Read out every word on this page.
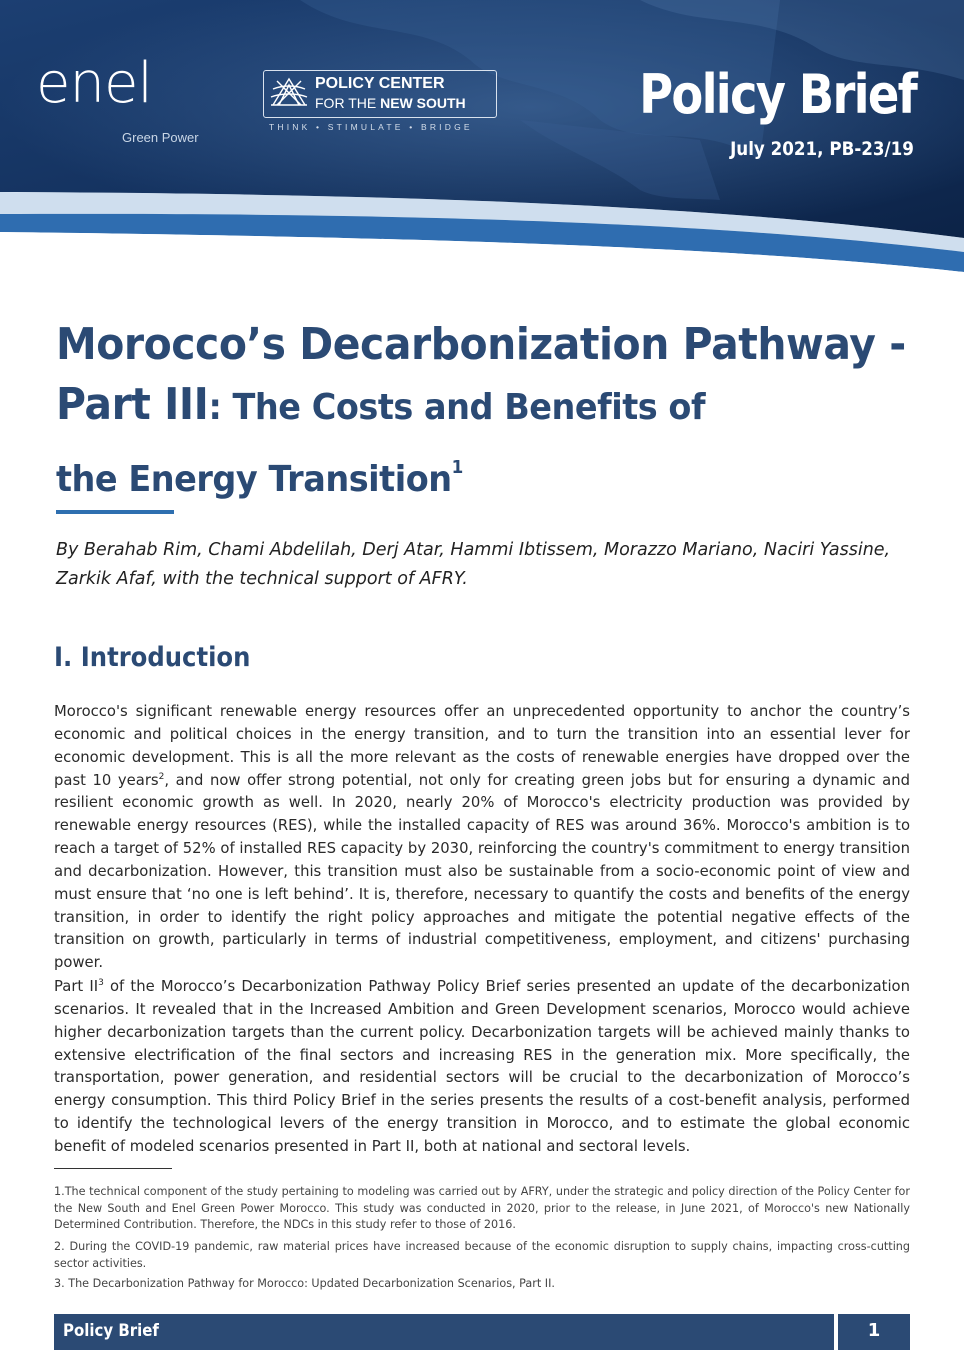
enel
Green Power
POLICY CENTER
FOR THE NEW SOUTH
THINK • STIMULATE • BRIDGE
Policy Brief
July 2021, PB-23/19
Morocco’s Decarbonization Pathway -
Part III: The Costs and Benefits of
the Energy Transition$^1$
By Berahab Rim, Chami Abdelilah, Derj Atar, Hammi Ibtissem, Morazzo Mariano, Naciri Yassine, Zarkik Afaf, with the technical support of AFRY.
I. Introduction
Morocco's significant renewable energy resources offer an unprecedented opportunity to anchor the country’s economic and political choices in the energy transition, and to turn the transition into an essential lever for economic development. This is all the more relevant as the costs of renewable energies have dropped over the past 10 years$^2$, and now offer strong potential, not only for creating green jobs but for ensuring a dynamic and resilient economic growth as well. In 2020, nearly 20% of Morocco's electricity production was provided by renewable energy resources (RES), while the installed capacity of RES was around 36%. Morocco's ambition is to reach a target of 52% of installed RES capacity by 2030, reinforcing the country's commitment to energy transition and decarbonization. However, this transition must also be sustainable from a socio-economic point of view and must ensure that ‘no one is left behind’. It is, therefore, necessary to quantify the costs and benefits of the energy transition, in order to identify the right policy approaches and mitigate the potential negative effects of the transition on growth, particularly in terms of industrial competitiveness, employment, and citizens' purchasing power.
Part $II^3$ of the Morocco’s Decarbonization Pathway Policy Brief series presented an update of the decarbonization scenarios. It revealed that in the Increased Ambition and Green Development scenarios, Morocco would achieve higher decarbonization targets than the current policy. Decarbonization targets will be achieved mainly thanks to extensive electrification of the final sectors and increasing RES in the generation mix. More specifically, the transportation, power generation, and residential sectors will be crucial to the decarbonization of Morocco’s energy consumption. This third Policy Brief in the series presents the results of a cost-benefit analysis, performed to identify the technological levers of the energy transition in Morocco, and to estimate the global economic benefit of modeled scenarios presented in Part II, both at national and sectoral levels.
1.The technical component of the study pertaining to modeling was carried out by AFRY, under the strategic and policy direction of the Policy Center for the New South and Enel Green Power Morocco. This study was conducted in 2020, prior to the release, in June 2021, of Morocco's new Nationally Determined Contribution. Therefore, the NDCs in this study refer to those of 2016.
2. During the COVID-19 pandemic, raw material prices have increased because of the economic disruption to supply chains, impacting cross-cutting sector activities.
3. The Decarbonization Pathway for Morocco: Updated Decarbonization Scenarios, Part II.
Policy Brief	1
